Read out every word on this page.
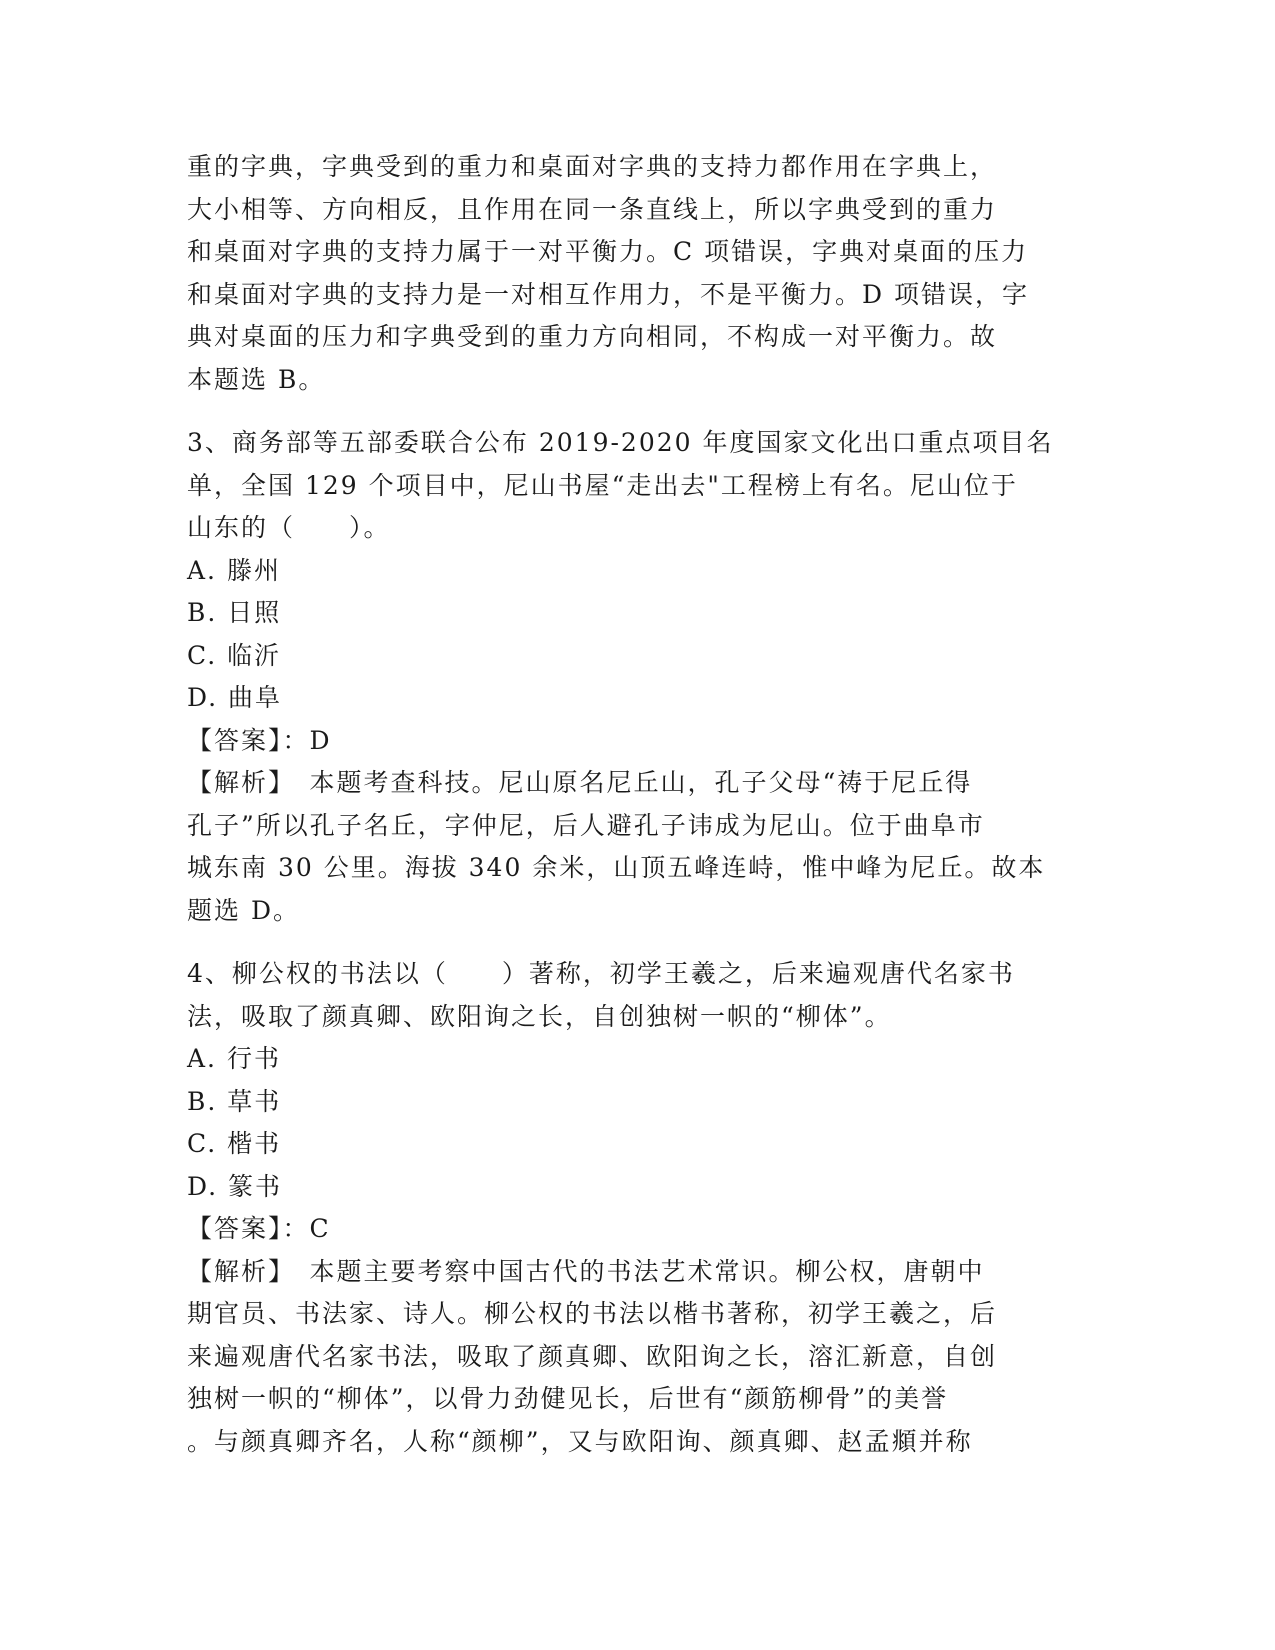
重的字典，字典受到的重力和桌面对字典的支持力都作用在字典上，
大小相等、方向相反，且作用在同一条直线上，所以字典受到的重力
和桌面对字典的支持力属于一对平衡力。C 项错误，字典对桌面的压力
和桌面对字典的支持力是一对相互作用力，不是平衡力。D 项错误，字
典对桌面的压力和字典受到的重力方向相同，不构成一对平衡力。故
本题选 B。
3、商务部等五部委联合公布 2019-2020 年度国家文化出口重点项目名
单，全国 129 个项目中，尼山书屋“走出去"工程榜上有名。尼山位于
山东的（　　）。
A. 滕州
B. 日照
C. 临沂
D. 曲阜
【答案】：D
【解析】　本题考查科技。尼山原名尼丘山，孔子父母“祷于尼丘得
孔子”所以孔子名丘，字仲尼，后人避孔子讳成为尼山。位于曲阜市
城东南 30 公里。海拔 340 余米，山顶五峰连峙，惟中峰为尼丘。故本
题选 D。
4、柳公权的书法以（　　）著称，初学王羲之，后来遍观唐代名家书
法，吸取了颜真卿、欧阳询之长，自创独树一帜的“柳体”。
A. 行书
B. 草书
C. 楷书
D. 篆书
【答案】：C
【解析】　本题主要考察中国古代的书法艺术常识。柳公权，唐朝中
期官员、书法家、诗人。柳公权的书法以楷书著称，初学王羲之，后
来遍观唐代名家书法，吸取了颜真卿、欧阳询之长，溶汇新意，自创
独树一帜的“柳体”，以骨力劲健见长，后世有“颜筋柳骨”的美誉
。与颜真卿齐名，人称“颜柳”，又与欧阳询、颜真卿、赵孟頫并称
